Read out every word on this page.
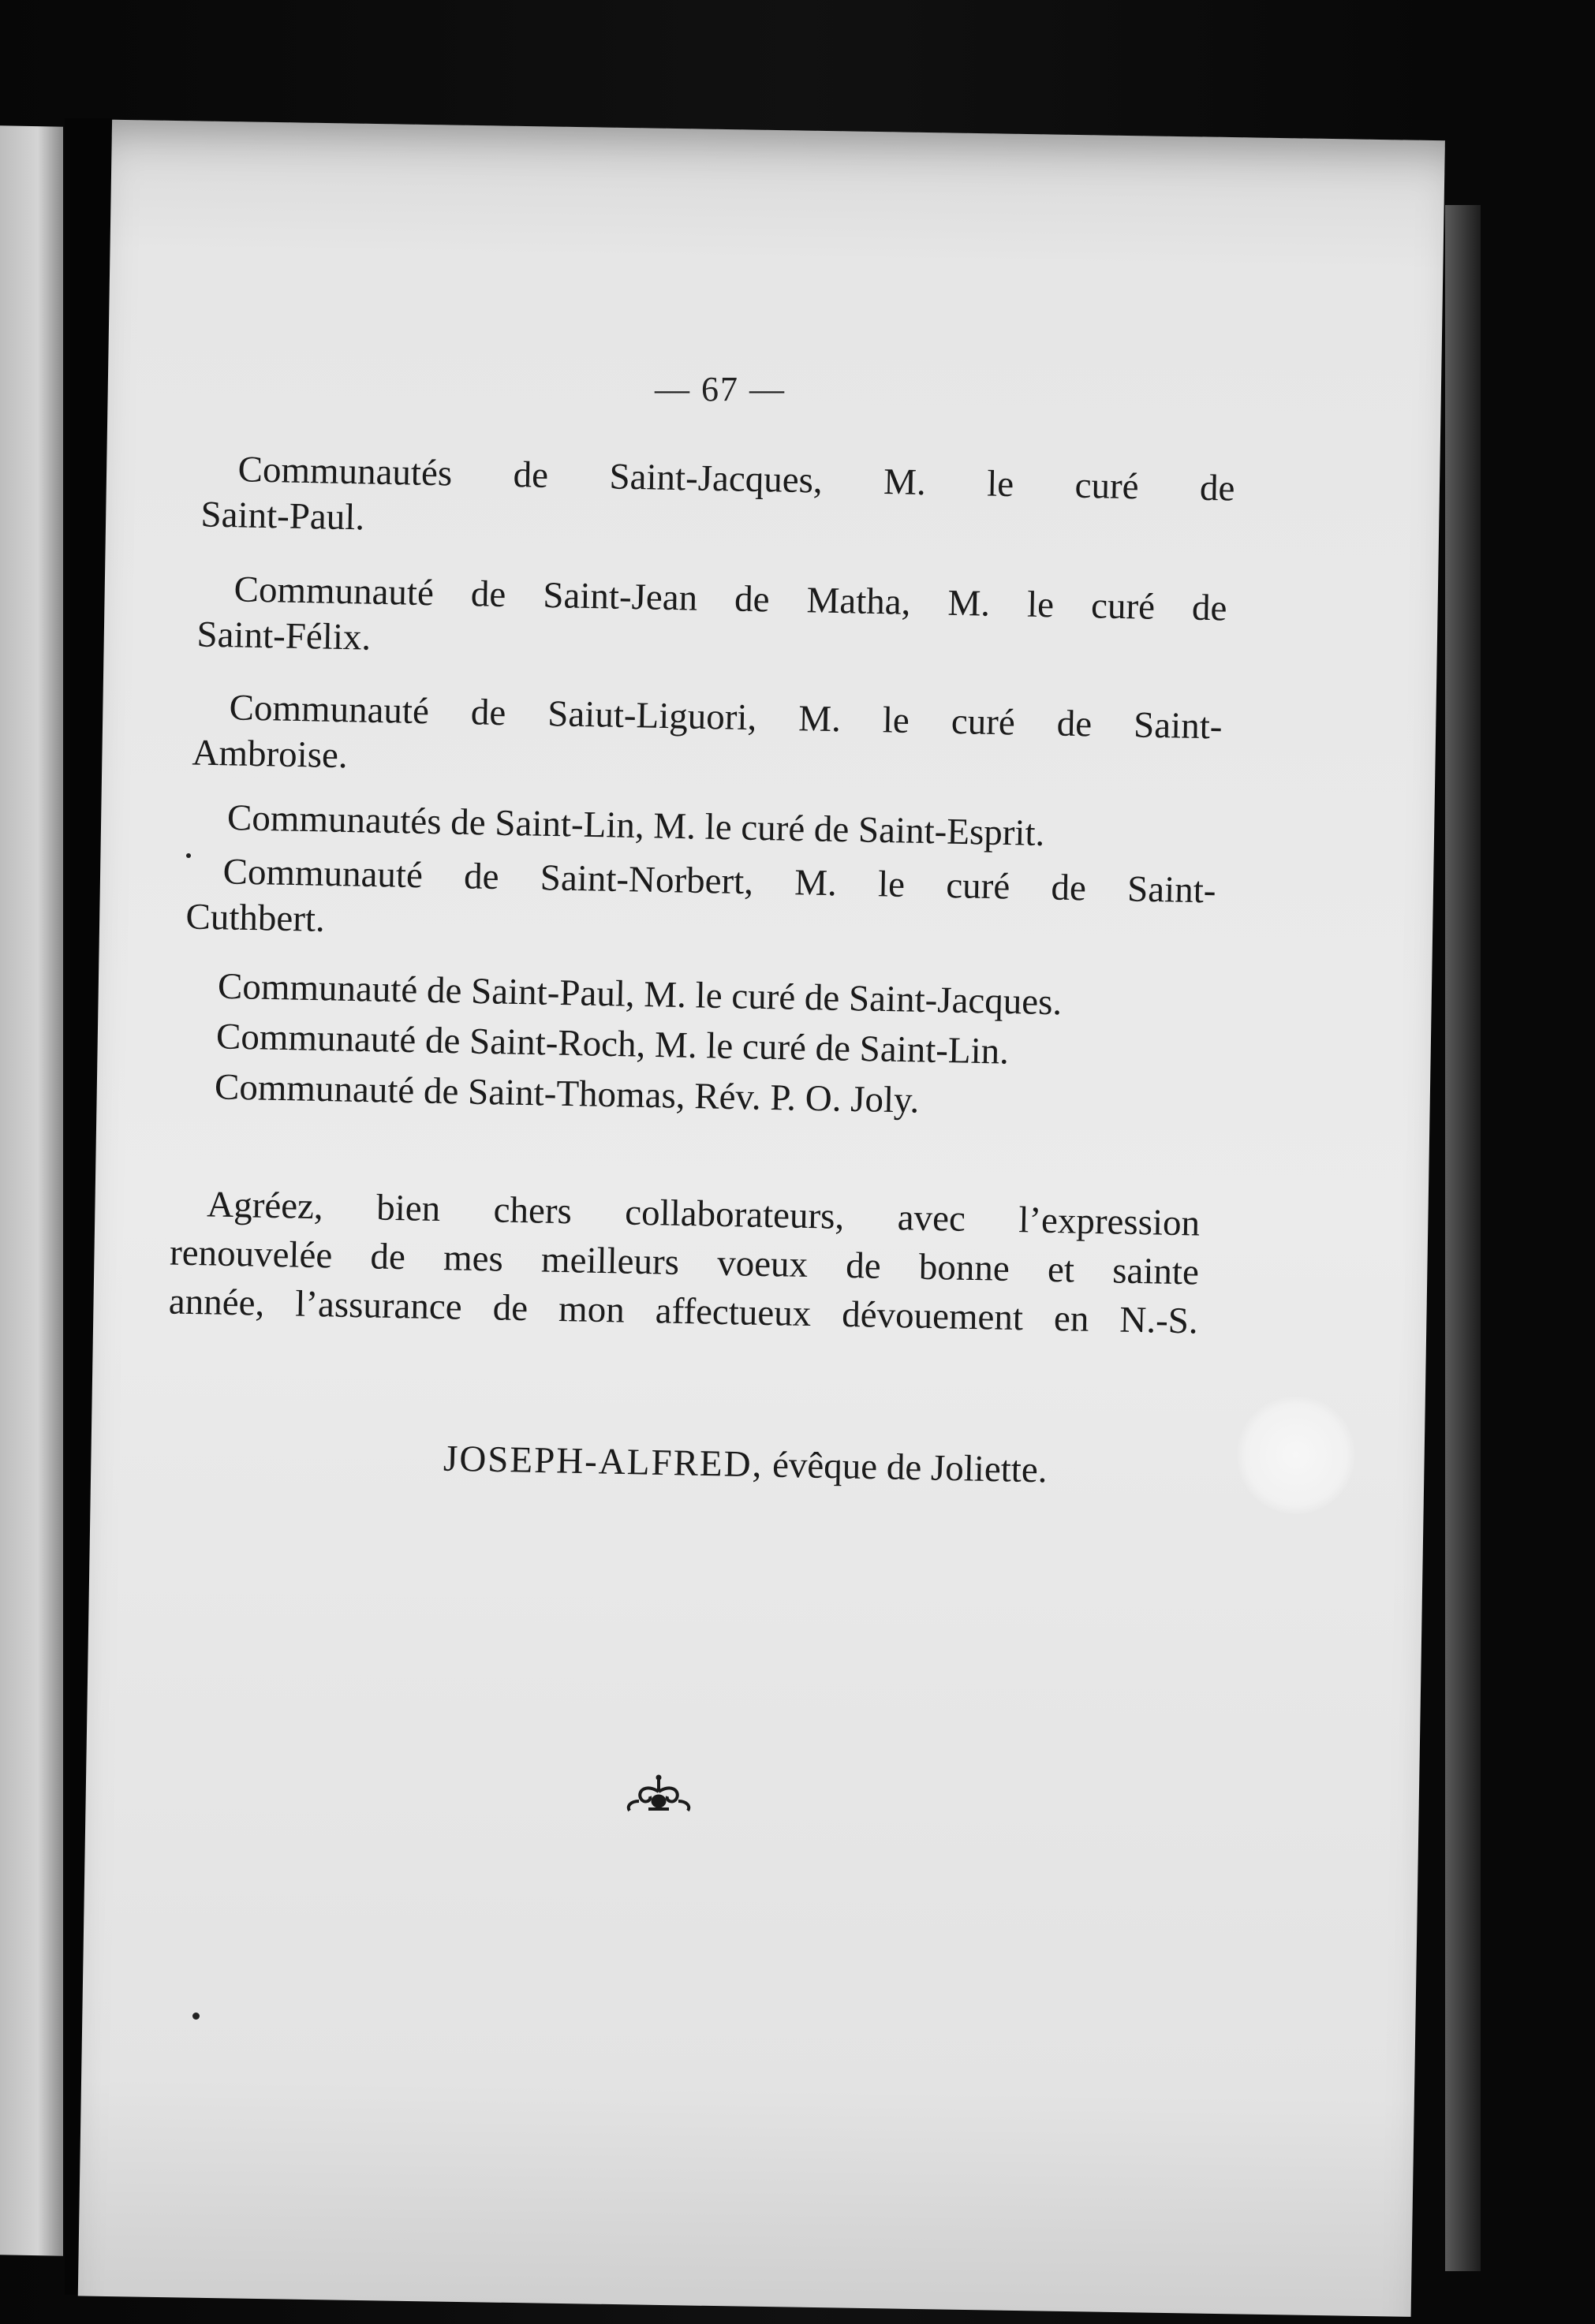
— 67 —
Communautés de Saint-Jacques, M. le curé de
Saint-Paul.
Communauté de Saint-Jean de Matha, M. le curé de
Saint-Félix.
Communauté de Saiut-Liguori, M. le curé de Saint-
Ambroise.
Communautés de Saint-Lin, M. le curé de Saint-Esprit.
Communauté de Saint-Norbert, M. le curé de Saint-
Cuthbert.
Communauté de Saint-Paul, M. le curé de Saint-Jacques.
Communauté de Saint-Roch, M. le curé de Saint-Lin.
Communauté de Saint-Thomas, Rév. P. O. Joly.
Agréez, bien chers collaborateurs, avec l’expression
renouvelée de mes meilleurs voeux de bonne et sainte
année, l’assurance de mon affectueux dévouement en N.-S.
JOSEPH-ALFRED, évêque de Joliette.
